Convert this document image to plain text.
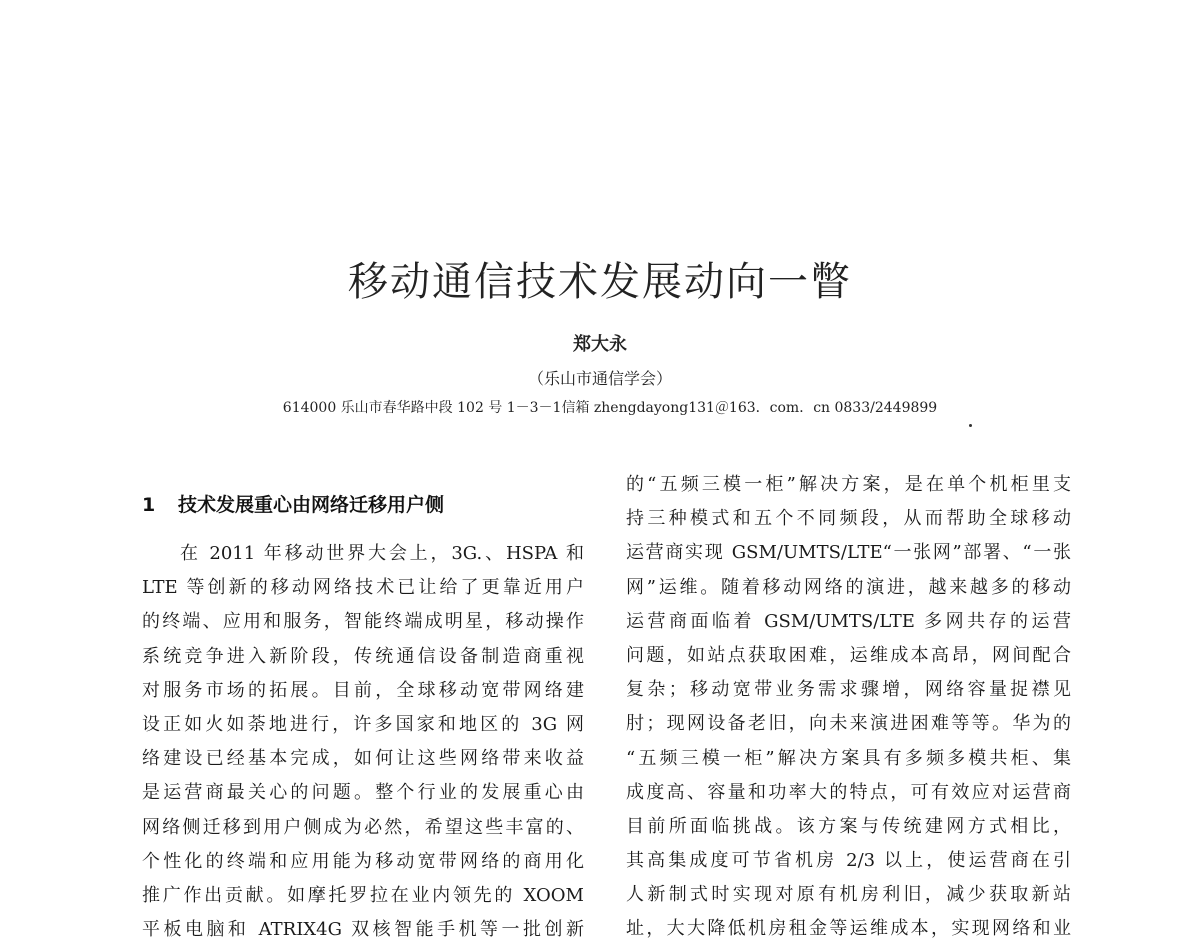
移动通信技术发展动向一瞥
郑大永
（乐山市通信学会）
614000 乐山市春华路中段 102 号 1－3－1信箱 zhengdayong131＠163．com．cn 0833/2449899
1 技术发展重心由网络迁移用户侧
在 2011 年移动世界大会上，3G.、HSPA 和
LTE 等创新的移动网络技术已让给了更靠近用户
的终端、应用和服务，智能终端成明星，移动操作
系统竞争进入新阶段，传统通信设备制造商重视
对服务市场的拓展。目前，全球移动宽带网络建
设正如火如荼地进行，许多国家和地区的 3G 网
络建设已经基本完成，如何让这些网络带来收益
是运营商最关心的问题。整个行业的发展重心由
网络侧迁移到用户侧成为必然，希望这些丰富的、
个性化的终端和应用能为移动宽带网络的商用化
推广作出贡献。如摩托罗拉在业内领先的 XOOM
平板电脑和 ATRIX4G 双核智能手机等一批创新
的“五频三模一柜”解决方案，是在单个机柜里支
持三种模式和五个不同频段，从而帮助全球移动
运营商实现 GSM/UMTS/LTE“一张网”部署、“一张
网”运维。随着移动网络的演进，越来越多的移动
运营商面临着 GSM/UMTS/LTE 多网共存的运营
问题，如站点获取困难，运维成本高昂，网间配合
复杂；移动宽带业务需求骤增，网络容量捉襟见
肘；现网设备老旧，向未来演进困难等等。华为的
“五频三模一柜”解决方案具有多频多模共柜、集
成度高、容量和功率大的特点，可有效应对运营商
目前所面临挑战。该方案与传统建网方式相比，
其高集成度可节省机房 2/3 以上，使运营商在引
人新制式时实现对原有机房利旧，减少获取新站
址，大大降低机房租金等运维成本，实现网络和业
